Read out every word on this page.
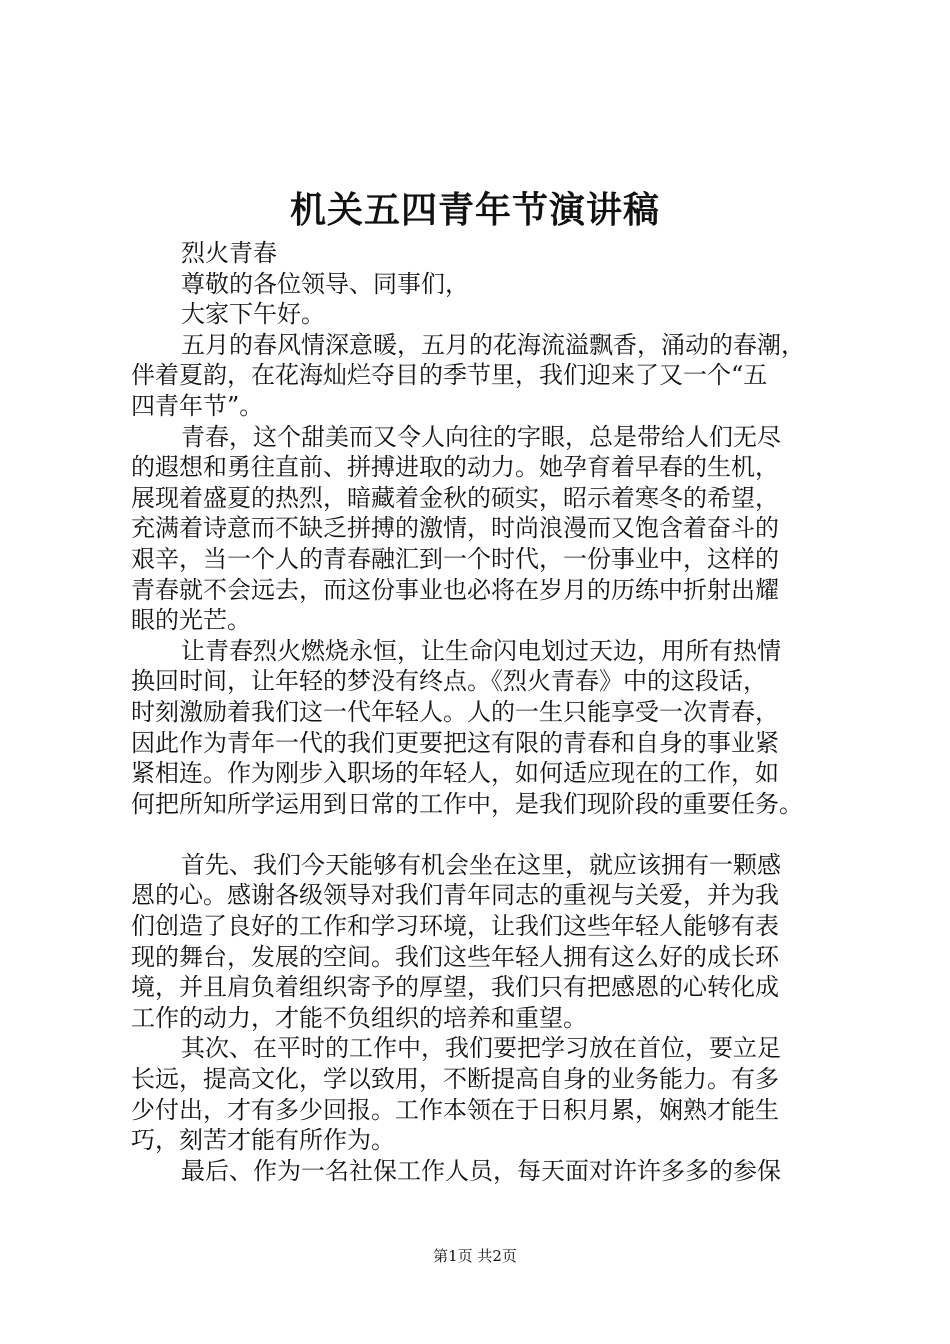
机关五四青年节演讲稿
烈火青春
尊敬的各位领导、同事们，
大家下午好。
五月的春风情深意暖，五月的花海流溢飘香，涌动的春潮，
伴着夏韵，在花海灿烂夺目的季节里，我们迎来了又一个“五
四青年节”。
青春，这个甜美而又令人向往的字眼，总是带给人们无尽
的遐想和勇往直前、拼搏进取的动力。她孕育着早春的生机，
展现着盛夏的热烈，暗藏着金秋的硕实，昭示着寒冬的希望，
充满着诗意而不缺乏拼搏的激情，时尚浪漫而又饱含着奋斗的
艰辛，当一个人的青春融汇到一个时代，一份事业中，这样的
青春就不会远去，而这份事业也必将在岁月的历练中折射出耀
眼的光芒。
让青春烈火燃烧永恒，让生命闪电划过天边，用所有热情
换回时间，让年轻的梦没有终点。《烈火青春》中的这段话，
时刻激励着我们这一代年轻人。人的一生只能享受一次青春，
因此作为青年一代的我们更要把这有限的青春和自身的事业紧
紧相连。作为刚步入职场的年轻人，如何适应现在的工作，如
何把所知所学运用到日常的工作中，是我们现阶段的重要任务。
首先、我们今天能够有机会坐在这里，就应该拥有一颗感
恩的心。感谢各级领导对我们青年同志的重视与关爱，并为我
们创造了良好的工作和学习环境，让我们这些年轻人能够有表
现的舞台，发展的空间。我们这些年轻人拥有这么好的成长环
境，并且肩负着组织寄予的厚望，我们只有把感恩的心转化成
工作的动力，才能不负组织的培养和重望。
其次、在平时的工作中，我们要把学习放在首位，要立足
长远，提高文化，学以致用，不断提高自身的业务能力。有多
少付出，才有多少回报。工作本领在于日积月累，娴熟才能生
巧，刻苦才能有所作为。
最后、作为一名社保工作人员，每天面对许许多多的参保
第1页 共2页
